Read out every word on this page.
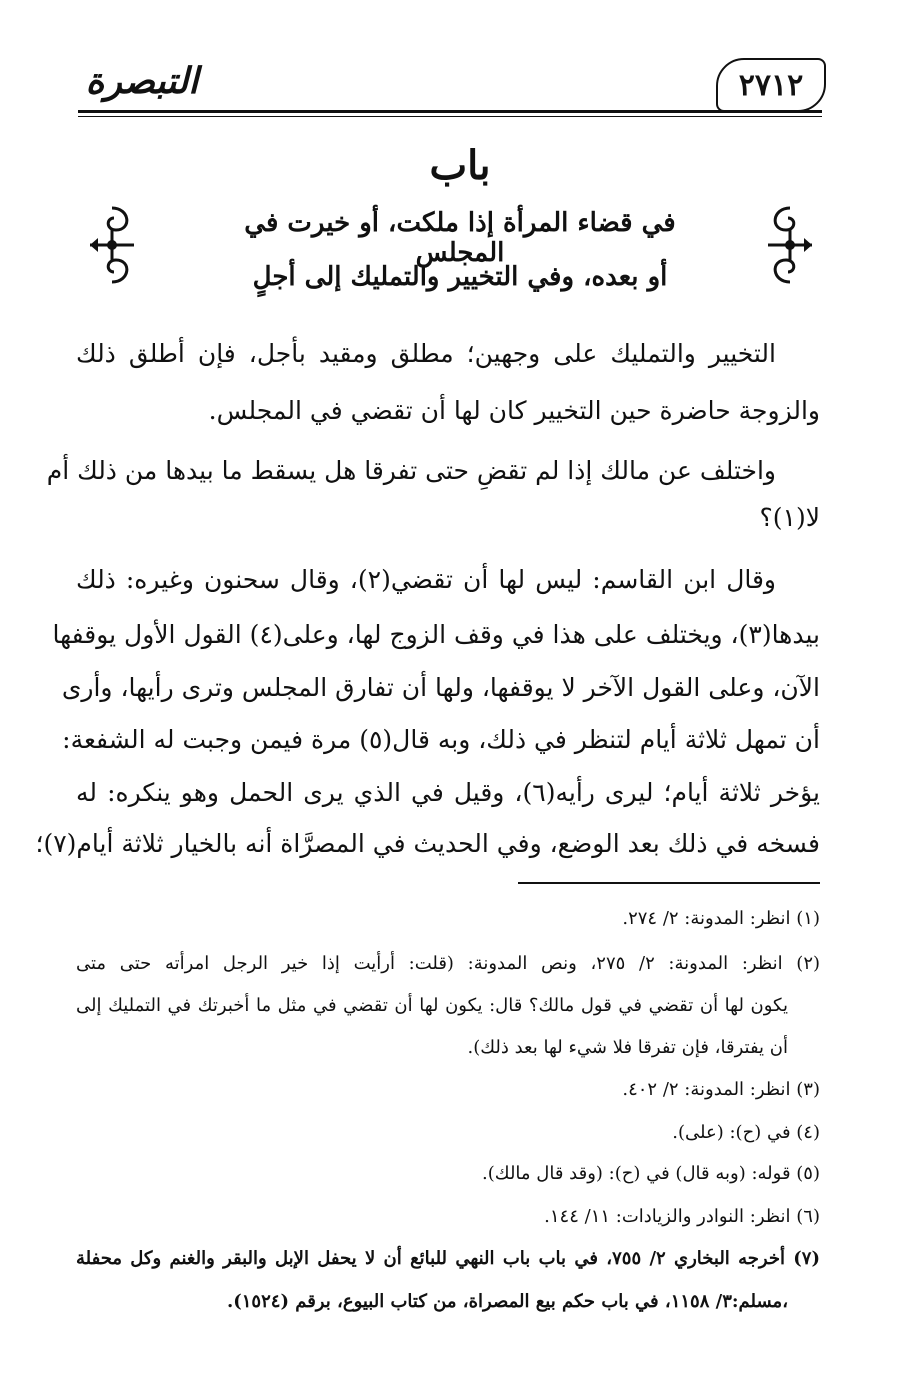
٢٧١٢
التبصرة
باب
في قضاء المرأة إذا ملكت، أو خيرت في المجلس
أو بعده، وفي التخيير والتمليك إلى أجلٍ
التخيير والتمليك على وجهين؛ مطلق ومقيد بأجل، فإن أطلق ذلك
والزوجة حاضرة حين التخيير كان لها أن تقضي في المجلس.
واختلف عن مالك إذا لم تقضِ حتى تفرقا هل يسقط ما بيدها من ذلك أم
لا(١)؟
وقال ابن القاسم: ليس لها أن تقضي(٢)، وقال سحنون وغيره: ذلك
بيدها(٣)، ويختلف على هذا في وقف الزوج لها، وعلى(٤) القول الأول يوقفها
الآن، وعلى القول الآخر لا يوقفها، ولها أن تفارق المجلس وترى رأيها، وأرى
أن تمهل ثلاثة أيام لتنظر في ذلك، وبه قال(٥) مرة فيمن وجبت له الشفعة:
يؤخر ثلاثة أيام؛ ليرى رأيه(٦)، وقيل في الذي يرى الحمل وهو ينكره: له
فسخه في ذلك بعد الوضع، وفي الحديث في المصرَّاة أنه بالخيار ثلاثة أيام(٧)؛
(١) انظر: المدونة: ٢/ ٢٧٤.
(٢) انظر: المدونة: ٢/ ٢٧٥، ونص المدونة: (قلت: أرأيت إذا خير الرجل امرأته حتى متى
يكون لها أن تقضي في قول مالك؟ قال: يكون لها أن تقضي في مثل ما أخبرتك في التمليك إلى
أن يفترقا، فإن تفرقا فلا شيء لها بعد ذلك).
(٣) انظر: المدونة: ٢/ ٤٠٢.
(٤) في (ح): (على).
(٥) قوله: (وبه قال) في (ح): (وقد قال مالك).
(٦) انظر: النوادر والزيادات: ١١/ ١٤٤.
(٧) أخرجه البخاري ٢/ ٧٥٥، في باب باب النهي للبائع أن لا يحفل الإبل والبقر والغنم وكل محفلة
،مسلم:٣/ ١١٥٨، في باب حكم بيع المصراة، من كتاب البيوع، برقم (١٥٢٤).
